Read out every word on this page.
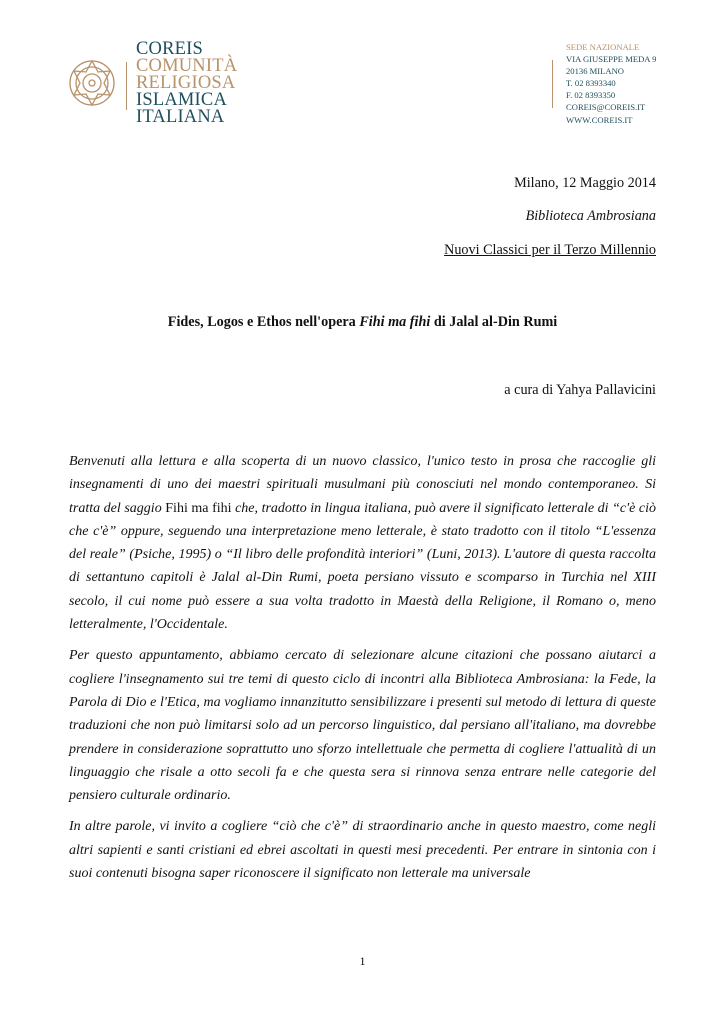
COREIS
COMUNITÀ
RELIGIOSA
ISLAMICA
ITALIANA
SEDE NAZIONALE
VIA GIUSEPPE MEDA 9
20136 MILANO
T. 02 8393340
F. 02 8393350
COREIS@COREIS.IT
WWW.COREIS.IT
Milano, 12 Maggio 2014
Biblioteca Ambrosiana
Nuovi Classici per il Terzo Millennio
Fides, Logos e Ethos nell'opera Fihi ma fihi di Jalal al-Din Rumi
a cura di Yahya Pallavicini

Benvenuti alla lettura e alla scoperta di un nuovo classico, l'unico testo in prosa che raccoglie gli insegnamenti di uno dei maestri spirituali musulmani più conosciuti nel mondo contemporaneo. Si tratta del saggio Fihi ma fihi che, tradotto in lingua italiana, può avere il significato letterale di “c'è ciò che c'è” oppure, seguendo una interpretazione meno letterale, è stato tradotto con il titolo “L'essenza del reale” (Psiche, 1995) o “Il libro delle profondità interiori” (Luni, 2013). L'autore di questa raccolta di settantuno capitoli è Jalal al-Din Rumi, poeta persiano vissuto e scomparso in Turchia nel XIII secolo, il cui nome può essere a sua volta tradotto in Maestà della Religione, il Romano o, meno letteralmente, l'Occidentale.

Per questo appuntamento, abbiamo cercato di selezionare alcune citazioni che possano aiutarci a cogliere l'insegnamento sui tre temi di questo ciclo di incontri alla Biblioteca Ambrosiana: la Fede, la Parola di Dio e l'Etica, ma vogliamo innanzitutto sensibilizzare i presenti sul metodo di lettura di queste traduzioni che non può limitarsi solo ad un percorso linguistico, dal persiano all'italiano, ma dovrebbe prendere in considerazione soprattutto uno sforzo intellettuale che permetta di cogliere l'attualità di un linguaggio che risale a otto secoli fa e che questa sera si rinnova senza entrare nelle categorie del pensiero culturale ordinario.

In altre parole, vi invito a cogliere “ciò che c'è” di straordinario anche in questo maestro, come negli altri sapienti e santi cristiani ed ebrei ascoltati in questi mesi precedenti. Per entrare in sintonia con i suoi contenuti bisogna saper riconoscere il significato non letterale ma universale

1
